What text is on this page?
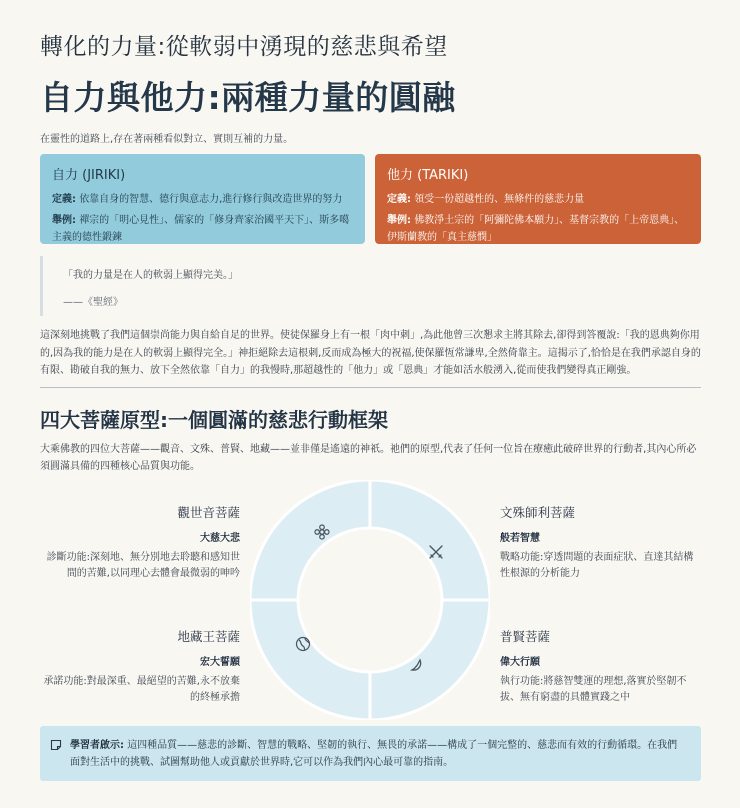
轉化的力量:從軟弱中湧現的慈悲與希望
自力與他力:兩種力量的圓融
在靈性的道路上,存在著兩種看似對立、實則互補的力量。
自力 (JIRIKI)
定義: 依靠自身的智慧、德行與意志力,進行修行與改造世界的努力
舉例: 禪宗的「明心見性」、儒家的「修身齊家治國平天下」、斯多噶主義的德性鍛鍊
他力 (TARIKI)
定義: 領受一份超越性的、無條件的慈悲力量
舉例: 佛教淨土宗的「阿彌陀佛本願力」、基督宗教的「上帝恩典」、伊斯蘭教的「真主慈憫」
「我的力量是在人的軟弱上顯得完美。」
——《聖經》
這深刻地挑戰了我們這個崇尚能力與自給自足的世界。使徒保羅身上有一根「肉中刺」,為此他曾三次懇求主將其除去,卻得到答覆說:「我的恩典夠你用的,因為我的能力是在人的軟弱上顯得完全。」神拒絕除去這根刺,反而成為極大的祝福,使保羅恆常謙卑,全然倚靠主。這揭示了,恰恰是在我們承認自身的有限、勘破自我的無力、放下全然依靠「自力」的我慢時,那超越性的「他力」或「恩典」才能如活水般湧入,從而使我們變得真正剛強。
四大菩薩原型:一個圓滿的慈悲行動框架
大乘佛教的四位大菩薩——觀音、文殊、普賢、地藏——並非僅是遙遠的神祇。祂們的原型,代表了任何一位旨在療癒此破碎世界的行動者,其內心所必須圓滿具備的四種核心品質與功能。
觀世音菩薩
大慈大悲
診斷功能:深刻地、無分別地去聆聽和感知世間的苦難,以同理心去體會最微弱的呻吟
文殊師利菩薩
般若智慧
戰略功能:穿透問題的表面症狀、直達其結構性根源的分析能力
地藏王菩薩
宏大誓願
承諾功能:對最深重、最絕望的苦難,永不放棄的終極承擔
普賢菩薩
偉大行願
執行功能:將慈智雙運的理想,落實於堅韌不拔、無有窮盡的具體實踐之中
學習者啟示: 這四種品質——慈悲的診斷、智慧的戰略、堅韌的執行、無畏的承諾——構成了一個完整的、慈悲而有效的行動循環。在我們面對生活中的挑戰、試圖幫助他人或貢獻於世界時,它可以作為我們內心最可靠的指南。
